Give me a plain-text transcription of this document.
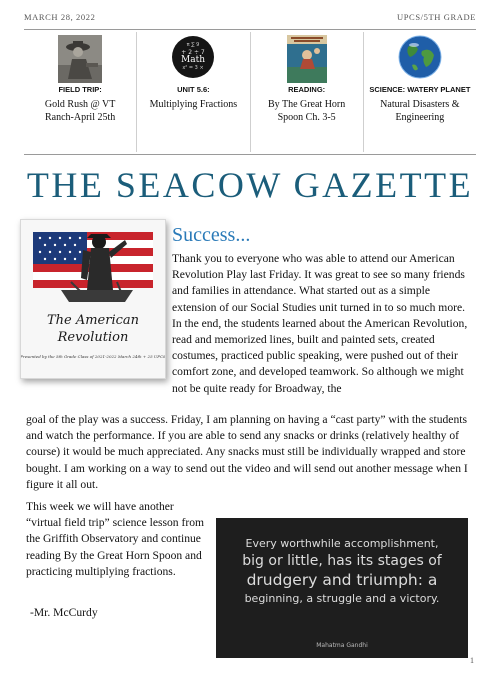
MARCH 28, 2022	UPCS/5TH GRADE
FIELD TRIP:
Gold Rush @ VT Ranch-April 25th
+ 2 ÷ 7
Math
x² = 3 ×
π ∑ 9
UNIT 5.6:
Multiplying Fractions
READING:
By The Great Horn Spoon Ch. 3-5
SCIENCE: WATERY PLANET
Natural Disasters & Engineering
THE SEACOW GAZETTE
The American
Revolution
Presented by the 5th Grade Class of 2021-2022 March 24th + 25 UPCS
Success...

Thank you to everyone who was able to attend our American Revolution Play last Friday. It was great to see so many friends and families in attendance. What started out as a simple extension of our Social Studies unit turned in to so much more. In the end, the students learned about the American Revolution, read and memorized lines, built and painted sets, created costumes, practiced public speaking, were pushed out of their comfort zone, and developed teamwork. So although we might not be quite ready for Broadway, the

goal of the play was a success. Friday, I am planning on having a “cast party” with the students and watch the performance. If you are able to send any snacks or drinks (relatively healthy of course) it would be much appreciated. Any snacks must still be individually wrapped and store bought. I am working on a way to send out the video and will send out another message when I figure it all out.

This week we will have another “virtual field trip” science lesson from the Griffith Observatory and continue reading By the Great Horn Spoon and practicing multiplying fractions.

-Mr. McCurdy
Every worthwhile accomplishment,
big or little, has its stages of
drudgery and triumph: a
beginning, a struggle and a victory.
Mahatma Gandhi
1
